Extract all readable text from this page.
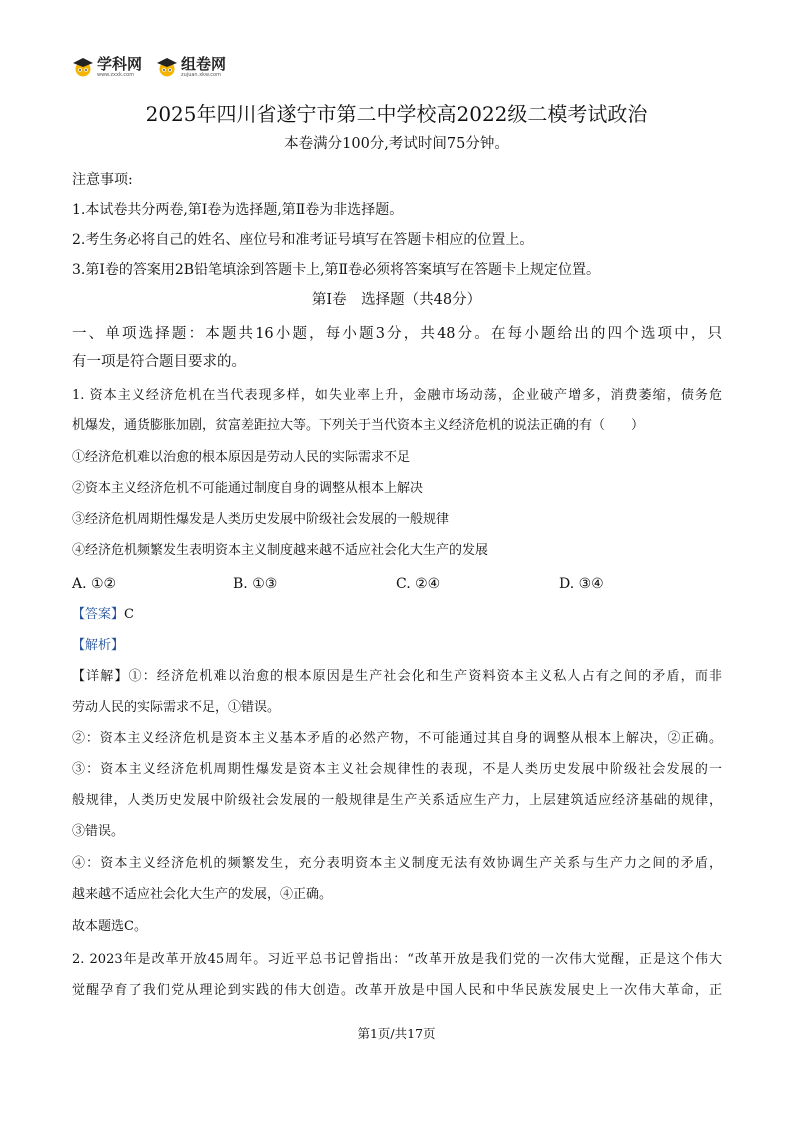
学科网
www.zxxk.com
组卷网
zujuan.xkw.com
2025年四川省遂宁市第二中学校高2022级二模考试政治
本卷满分100分,考试时间75分钟。
注意事项:
1.本试卷共分两卷,第Ⅰ卷为选择题,第Ⅱ卷为非选择题。
2.考生务必将自己的姓名、座位号和准考证号填写在答题卡相应的位置上。
3.第Ⅰ卷的答案用2B铅笔填涂到答题卡上,第Ⅱ卷必须将答案填写在答题卡上规定位置。
第Ⅰ卷　选择题（共48分）
一、单项选择题：本题共16小题，每小题3分，共48分。在每小题给出的四个选项中，只
有一项是符合题目要求的。
1. 资本主义经济危机在当代表现多样，如失业率上升，金融市场动荡，企业破产增多，消费萎缩，债务危
机爆发，通货膨胀加剧，贫富差距拉大等。下列关于当代资本主义经济危机的说法正确的有（　　）
①经济危机难以治愈的根本原因是劳动人民的实际需求不足
②资本主义经济危机不可能通过制度自身的调整从根本上解决
③经济危机周期性爆发是人类历史发展中阶级社会发展的一般规律
④经济危机频繁发生表明资本主义制度越来越不适应社会化大生产的发展
A. ①②	B. ①③	C. ②④	D. ③④
【答案】C
【解析】
【详解】①：经济危机难以治愈的根本原因是生产社会化和生产资料资本主义私人占有之间的矛盾，而非
劳动人民的实际需求不足，①错误。
②：资本主义经济危机是资本主义基本矛盾的必然产物，不可能通过其自身的调整从根本上解决，②正确。
③：资本主义经济危机周期性爆发是资本主义社会规律性的表现，不是人类历史发展中阶级社会发展的一
般规律，人类历史发展中阶级社会发展的一般规律是生产关系适应生产力，上层建筑适应经济基础的规律，
③错误。
④：资本主义经济危机的频繁发生，充分表明资本主义制度无法有效协调生产关系与生产力之间的矛盾，
越来越不适应社会化大生产的发展，④正确。
故本题选C。
2. 2023年是改革开放45周年。习近平总书记曾指出：“改革开放是我们党的一次伟大觉醒，正是这个伟大
觉醒孕育了我们党从理论到实践的伟大创造。改革开放是中国人民和中华民族发展史上一次伟大革命，正
第1页/共17页
